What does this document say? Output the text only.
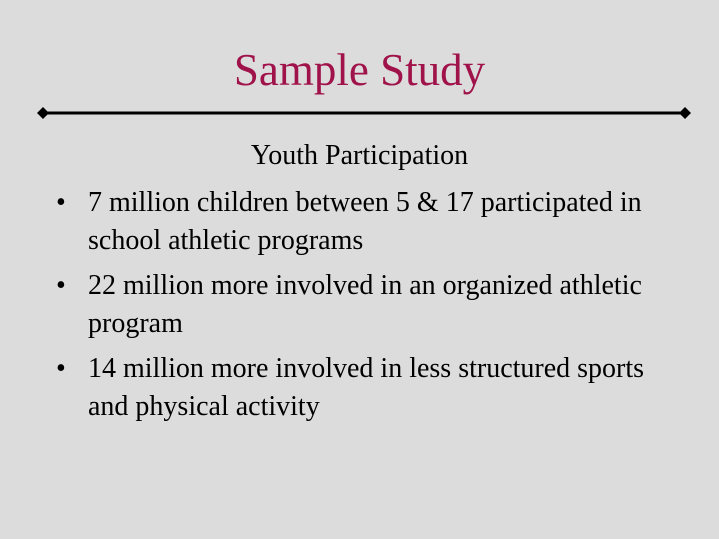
Sample Study
Youth Participation
• 7 million children between 5 & 17 participated in school athletic programs
• 22 million more involved in an organized athletic program
• 14 million more involved in less structured sports and physical activity
